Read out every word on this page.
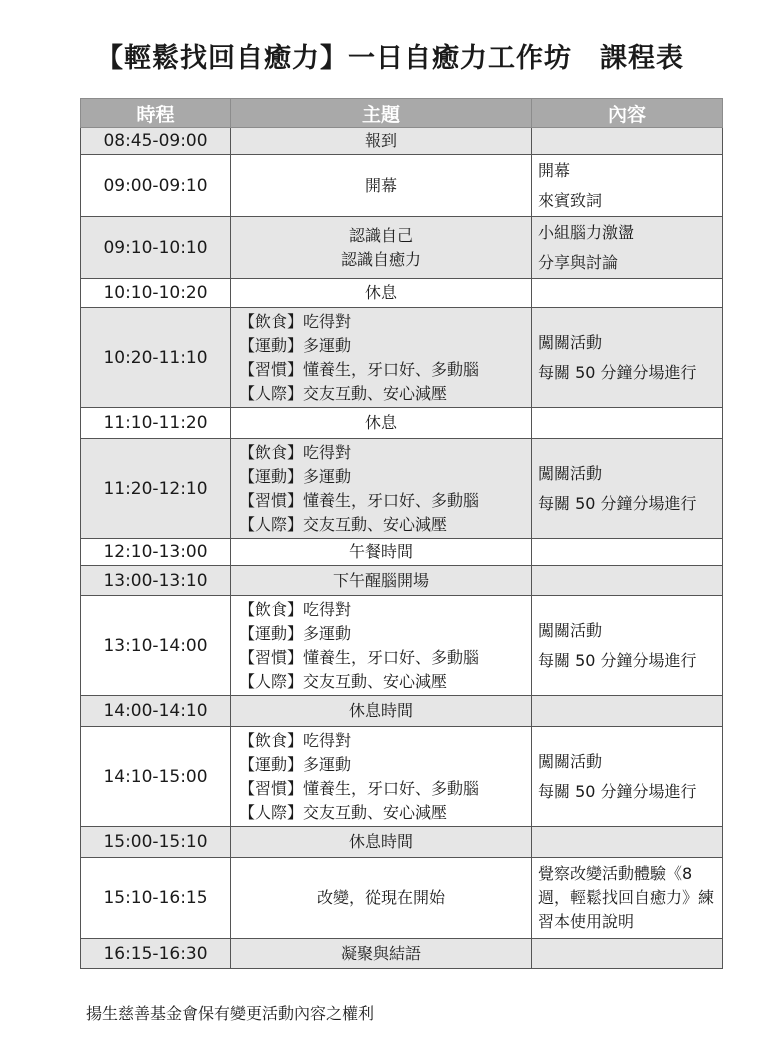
【輕鬆找回自癒力】一日自癒力工作坊　課程表
時程	主題	內容
08:45-09:00	報到	

09:00-09:10	開幕	開幕
來賓致詞

09:10-10:10	認識自己
認識自癒力	小組腦力激盪
分享與討論

10:10-10:20	休息	

10:20-11:10	【飲食】吃得對
【運動】多運動
【習慣】懂養生，牙口好、多動腦
【人際】交友互動、安心減壓	闖關活動
每關 50 分鐘分場進行

11:10-11:20	休息	

11:20-12:10	【飲食】吃得對
【運動】多運動
【習慣】懂養生，牙口好、多動腦
【人際】交友互動、安心減壓	闖關活動
每關 50 分鐘分場進行

12:10-13:00	午餐時間	

13:00-13:10	下午醒腦開場	

13:10-14:00	【飲食】吃得對
【運動】多運動
【習慣】懂養生，牙口好、多動腦
【人際】交友互動、安心減壓	闖關活動
每關 50 分鐘分場進行

14:00-14:10	休息時間	

14:10-15:00	【飲食】吃得對
【運動】多運動
【習慣】懂養生，牙口好、多動腦
【人際】交友互動、安心減壓	闖關活動
每關 50 分鐘分場進行

15:00-15:10	休息時間	

15:10-16:15	改變，從現在開始	覺察改變活動體驗《8週，輕鬆找回自癒力》練習本使用說明

16:15-16:30	凝聚與結語	

揚生慈善基金會保有變更活動內容之權利
